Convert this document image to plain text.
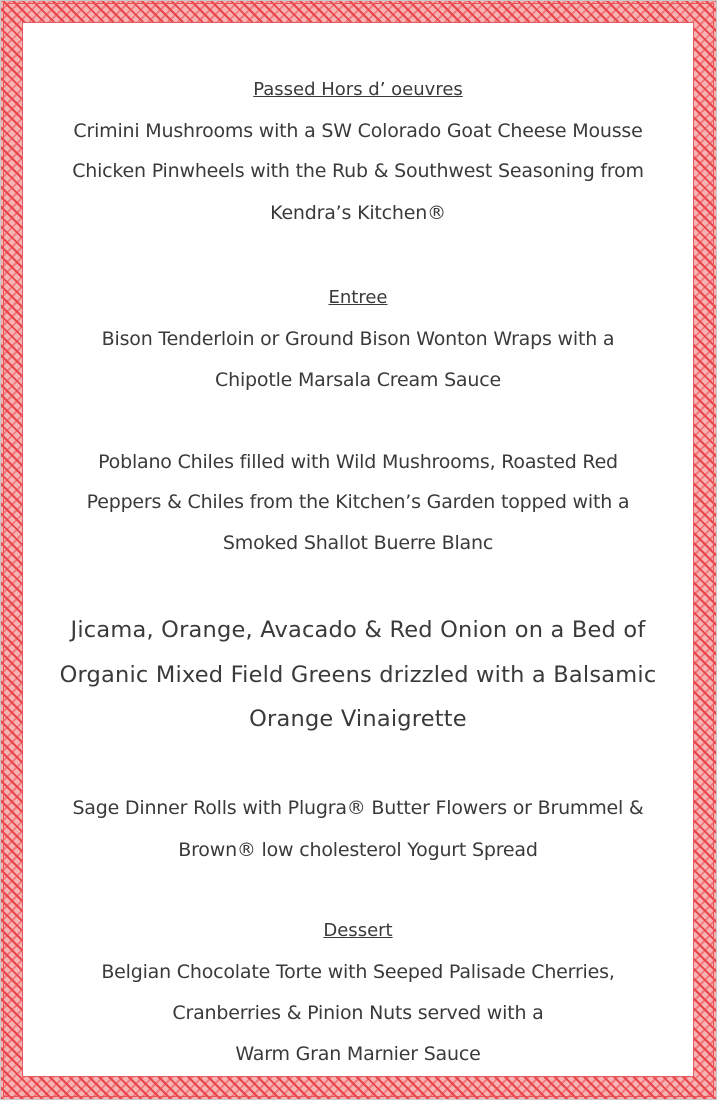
Passed Hors d’ oeuvres

Crimini Mushrooms with a SW Colorado Goat Cheese Mousse

Chicken Pinwheels with the Rub & Southwest Seasoning from

Kendra’s Kitchen®

Entree

Bison Tenderloin or Ground Bison Wonton Wraps with a

Chipotle Marsala Cream Sauce

Poblano Chiles filled with Wild Mushrooms, Roasted Red

Peppers & Chiles from the Kitchen’s Garden topped with a

Smoked Shallot Buerre Blanc

Jicama, Orange, Avacado & Red Onion on a Bed of

Organic Mixed Field Greens drizzled with a Balsamic

Orange Vinaigrette

Sage Dinner Rolls with Plugra® Butter Flowers or Brummel &

Brown® low cholesterol Yogurt Spread

Dessert

Belgian Chocolate Torte with Seeped Palisade Cherries,

Cranberries & Pinion Nuts served with a

Warm Gran Marnier Sauce
